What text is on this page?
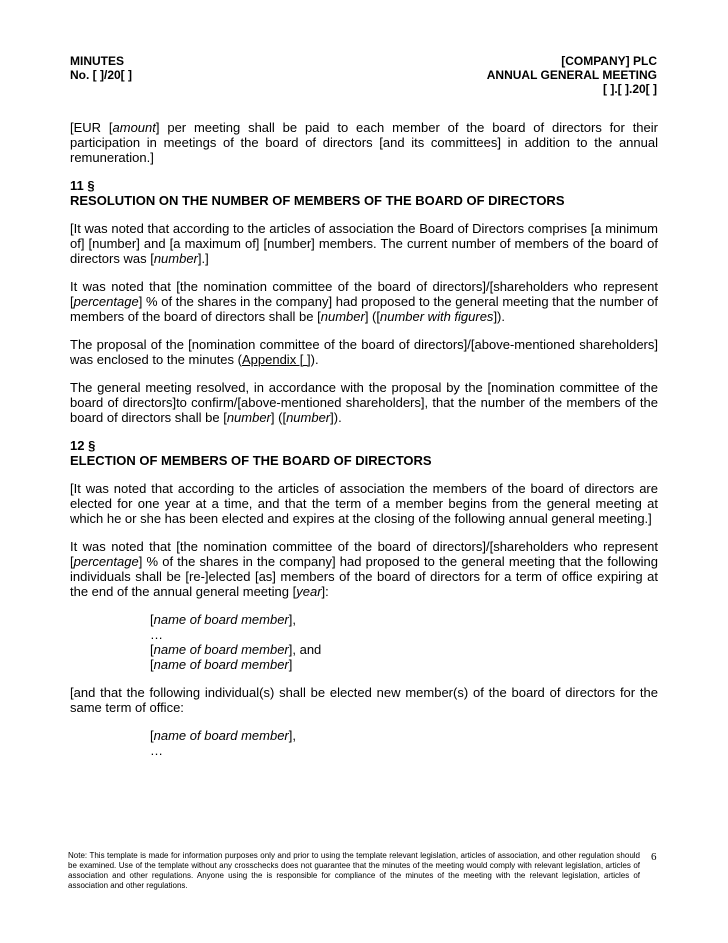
MINUTES
No. [ ]/20[ ]
[COMPANY] PLC
ANNUAL GENERAL MEETING
[ ].[ ].20[ ]

[EUR [amount] per meeting shall be paid to each member of the board of directors for their participation in meetings of the board of directors [and its committees] in addition to the annual remuneration.]

11 §
RESOLUTION ON THE NUMBER OF MEMBERS OF THE BOARD OF DIRECTORS

[It was noted that according to the articles of association the Board of Directors comprises [a minimum of] [number] and [a maximum of] [number] members. The current number of members of the board of directors was [number].]

It was noted that [the nomination committee of the board of directors]/[shareholders who represent [percentage] % of the shares in the company] had proposed to the general meeting that the number of members of the board of directors shall be [number] ([number with figures]).

The proposal of the [nomination committee of the board of directors]/[above-mentioned shareholders] was enclosed to the minutes (Appendix [ ]).

The general meeting resolved, in accordance with the proposal by the [nomination committee of the board of directors]to confirm/[above-mentioned shareholders], that the number of the members of the board of directors shall be [number] ([number]).

12 §
ELECTION OF MEMBERS OF THE BOARD OF DIRECTORS

[It was noted that according to the articles of association the members of the board of directors are elected for one year at a time, and that the term of a member begins from the general meeting at which he or she has been elected and expires at the closing of the following annual general meeting.]

It was noted that [the nomination committee of the board of directors]/[shareholders who represent [percentage] % of the shares in the company] had proposed to the general meeting that the following individuals shall be [re-]elected [as] members of the board of directors for a term of office expiring at the end of the annual general meeting [year]:

[name of board member],
…
[name of board member], and
[name of board member]

[and that the following individual(s) shall be elected new member(s) of the board of directors for the same term of office:

[name of board member],
…
Note: This template is made for information purposes only and prior to using the template relevant legislation, articles of association, and other regulation should be examined. Use of the template without any crosschecks does not guarantee that the minutes of the meeting would comply with relevant legislation, articles of association and other regulations. Anyone using the is responsible for compliance of the minutes of the meeting with the relevant legislation, articles of association and other regulations.
6
